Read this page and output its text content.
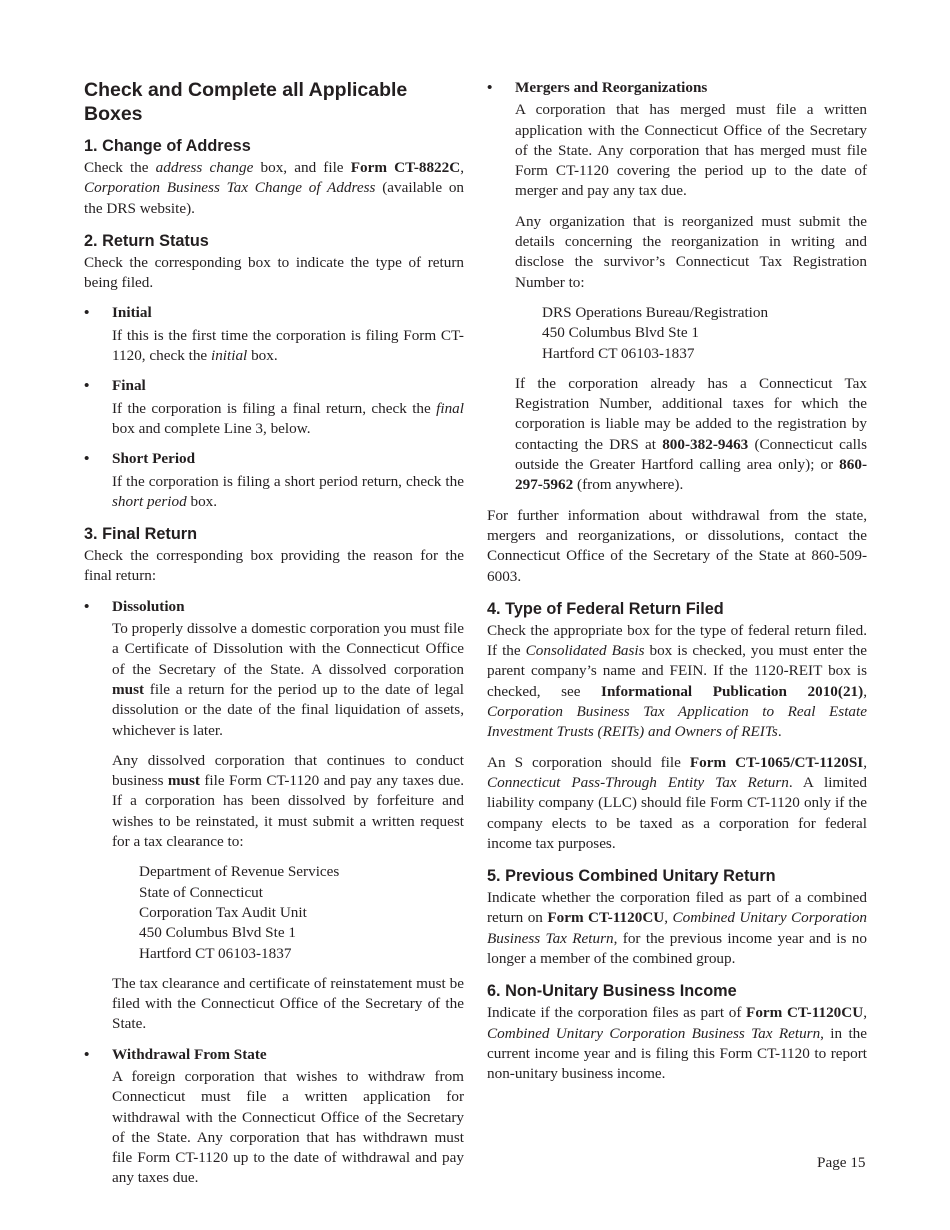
Check and Complete all Applicable Boxes
1. Change of Address

Check the address change box, and file Form CT-8822C, Corporation Business Tax Change of Address (available on the DRS website).

2. Return Status

Check the corresponding box to indicate the type of return being filed.

•	Initial

If this is the first time the corporation is filing Form CT-1120, check the initial box.

•	Final

If the corporation is filing a final return, check the final box and complete Line 3, below.

•	Short Period

If the corporation is filing a short period return, check the short period box.

3. Final Return

Check the corresponding box providing the reason for the final return:

•	Dissolution

To properly dissolve a domestic corporation you must file a Certificate of Dissolution with the Connecticut Office of the Secretary of the State. A dissolved corporation must file a return for the period up to the date of legal dissolution or the date of the final liquidation of assets, whichever is later.

Any dissolved corporation that continues to conduct business must file Form CT-1120 and pay any taxes due. If a corporation has been dissolved by forfeiture and wishes to be reinstated, it must submit a written request for a tax clearance to:

Department of Revenue Services
State of Connecticut
Corporation Tax Audit Unit
450 Columbus Blvd Ste 1
Hartford CT 06103-1837

The tax clearance and certificate of reinstatement must be filed with the Connecticut Office of the Secretary of the State.

•	Withdrawal From State

A foreign corporation that wishes to withdraw from Connecticut must file a written application for withdrawal with the Connecticut Office of the Secretary of the State. Any corporation that has withdrawn must file Form CT-1120 up to the date of withdrawal and pay any taxes due.

•	Mergers and Reorganizations

A corporation that has merged must file a written application with the Connecticut Office of the Secretary of the State. Any corporation that has merged must file Form CT-1120 covering the period up to the date of merger and pay any tax due.

Any organization that is reorganized must submit the details concerning the reorganization in writing and disclose the survivor’s Connecticut Tax Registration Number to:

DRS Operations Bureau/Registration
450 Columbus Blvd Ste 1
Hartford CT 06103-1837

If the corporation already has a Connecticut Tax Registration Number, additional taxes for which the corporation is liable may be added to the registration by contacting the DRS at 800-382-9463 (Connecticut calls outside the Greater Hartford calling area only); or 860-297-5962 (from anywhere).

For further information about withdrawal from the state, mergers and reorganizations, or dissolutions, contact the Connecticut Office of the Secretary of the State at 860-509-6003.

4. Type of Federal Return Filed

Check the appropriate box for the type of federal return filed. If the Consolidated Basis box is checked, you must enter the parent company’s name and FEIN. If the 1120-REIT box is checked, see Informational Publication 2010(21), Corporation Business Tax Application to Real Estate Investment Trusts (REITs) and Owners of REITs.

An S corporation should file Form CT-1065/CT-1120SI, Connecticut Pass-Through Entity Tax Return. A limited liability company (LLC) should file Form CT-1120 only if the company elects to be taxed as a corporation for federal income tax purposes.

5. Previous Combined Unitary Return

Indicate whether the corporation filed as part of a combined return on Form CT-1120CU, Combined Unitary Corporation Business Tax Return, for the previous income year and is no longer a member of the combined group.

6. Non-Unitary Business Income

Indicate if the corporation files as part of Form CT-1120CU, Combined Unitary Corporation Business Tax Return, in the current income year and is filing this Form CT-1120 to report non-unitary business income.

Page 15
